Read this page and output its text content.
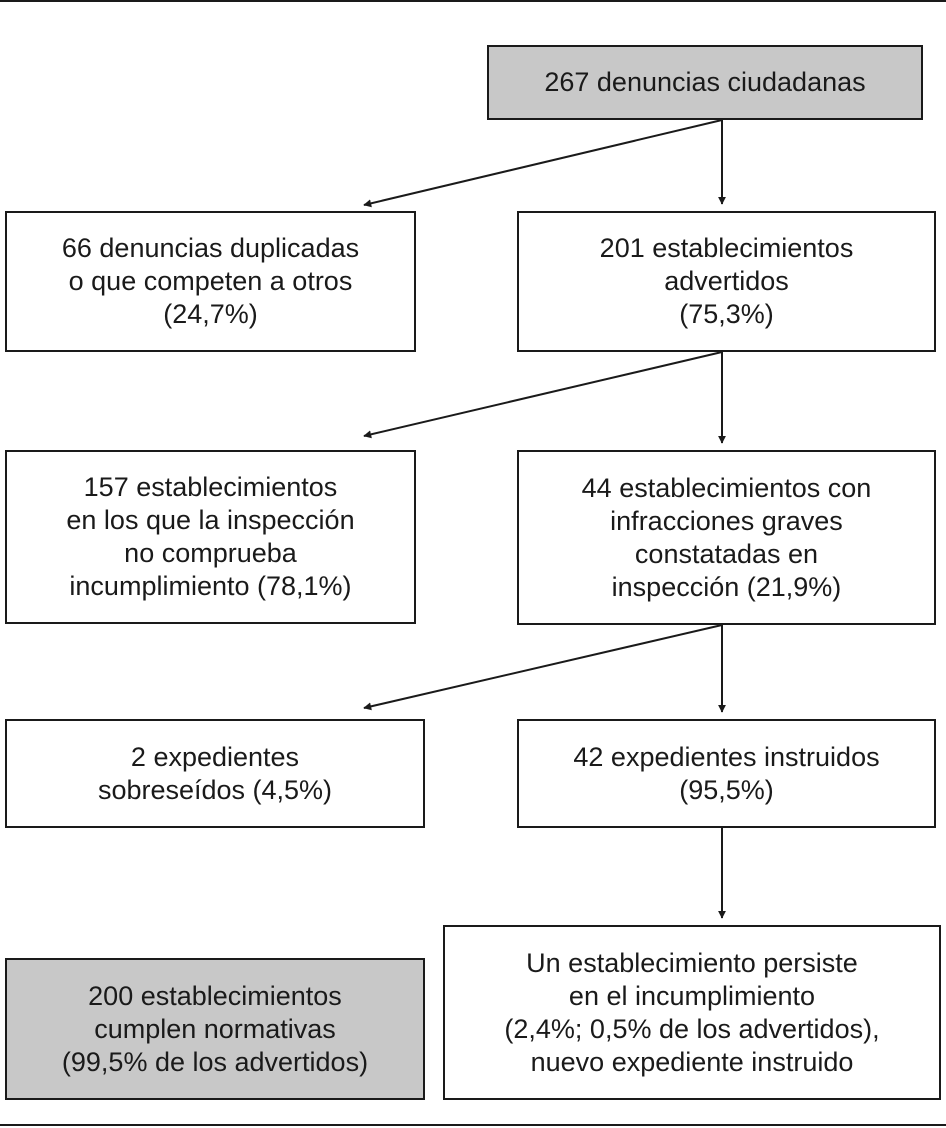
267 denuncias ciudadanas
66 denuncias duplicadas
o que competen a otros
(24,7%)
201 establecimientos
advertidos
(75,3%)
157 establecimientos
en los que la inspección
no comprueba
incumplimiento (78,1%)
44 establecimientos con
infracciones graves
constatadas en
inspección (21,9%)
2 expedientes
sobreseídos (4,5%)
42 expedientes instruidos
(95,5%)
200 establecimientos
cumplen normativas
(99,5% de los advertidos)
Un establecimiento persiste
en el incumplimiento
(2,4%; 0,5% de los advertidos),
nuevo expediente instruido
